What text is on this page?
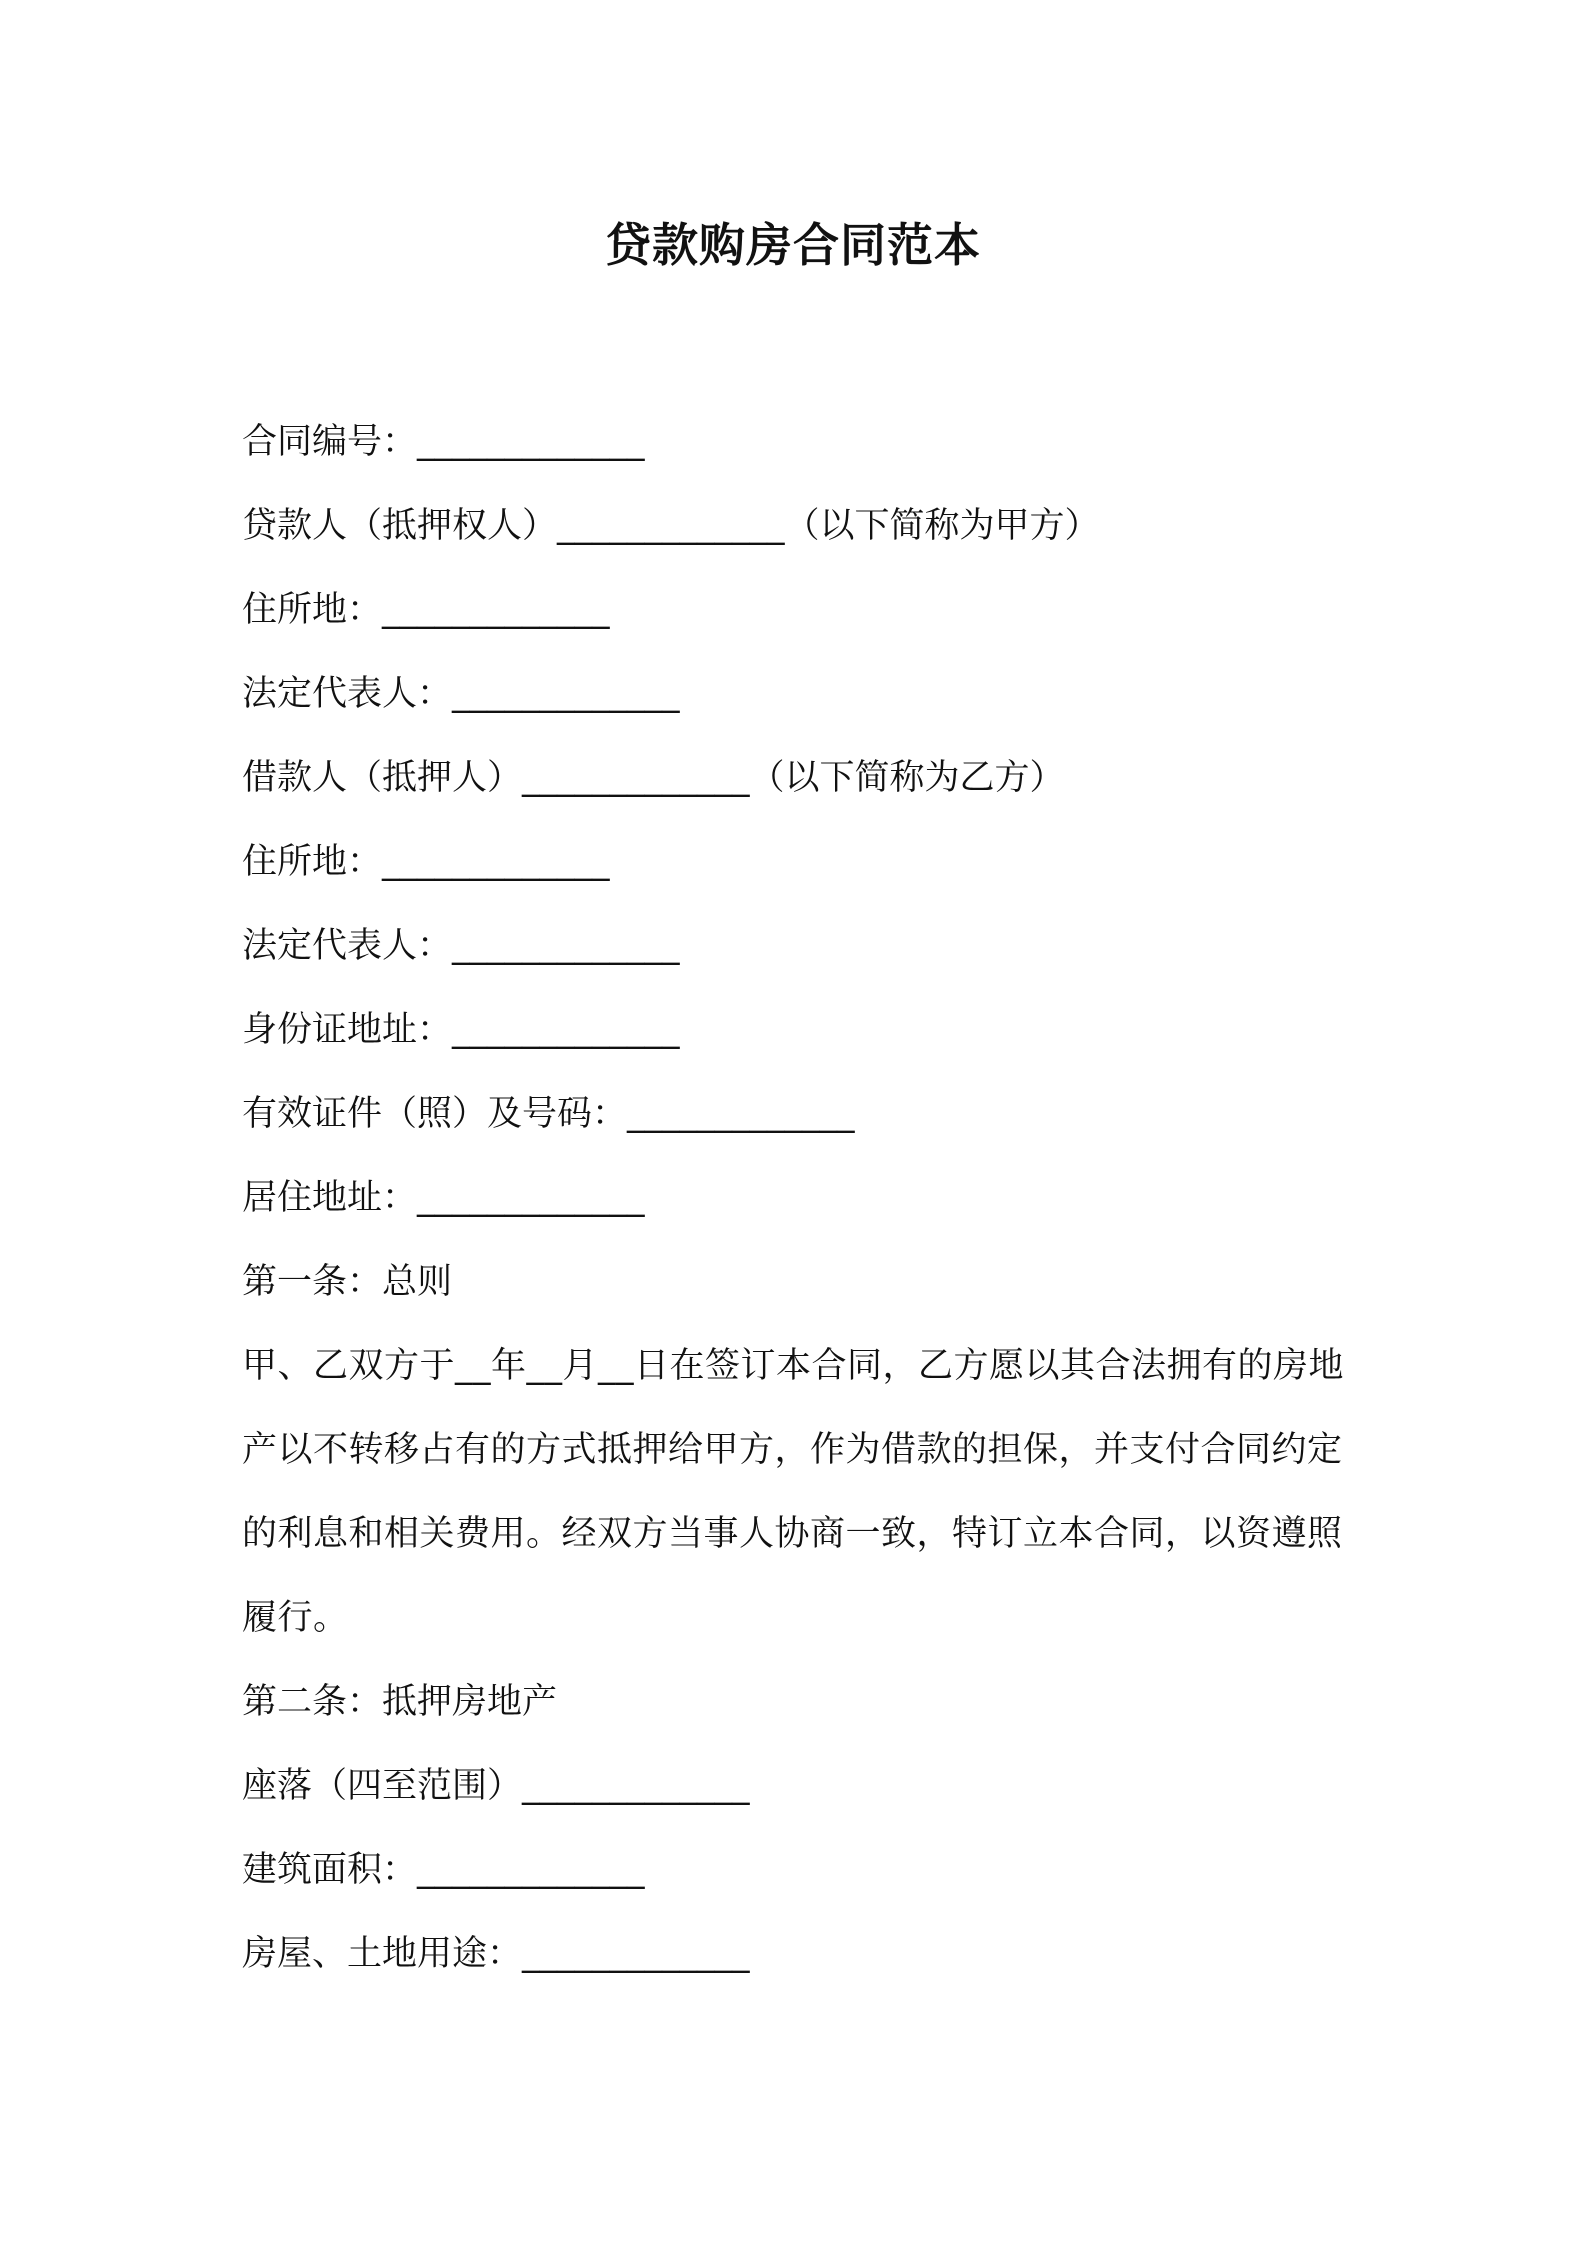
贷款购房合同范本

合同编号：_____________

贷款人（抵押权人）_____________（以下简称为甲方）

住所地：_____________

法定代表人：_____________

借款人（抵押人）_____________（以下简称为乙方）

住所地：_____________

法定代表人：_____________

身份证地址：_____________

有效证件（照）及号码：_____________

居住地址：_____________

第一条：总则

甲、乙双方于__年__月__日在签订本合同，乙方愿以其合法拥有的房地产以不转移占有的方式抵押给甲方，作为借款的担保，并支付合同约定的利息和相关费用。经双方当事人协商一致，特订立本合同，以资遵照履行。

第二条：抵押房地产

座落（四至范围）_____________

建筑面积：_____________

房屋、土地用途：_____________
